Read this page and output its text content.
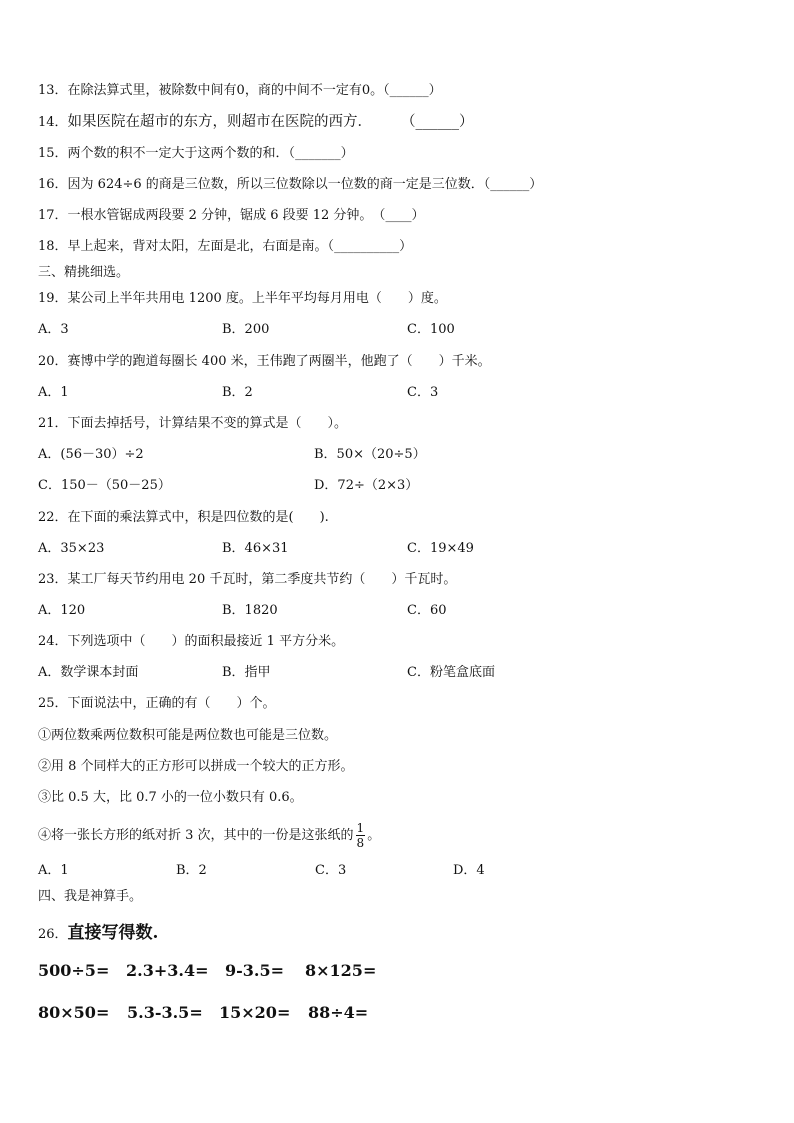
13．在除法算式里，被除数中间有0，商的中间不一定有0。（______）
14．如果医院在超市的东方，则超市在医院的西方．　　　（______）
15．两个数的积不一定大于这两个数的和．（_______）
16．因为 624÷6 的商是三位数，所以三位数除以一位数的商一定是三位数．（______）
17．一根水管锯成两段要 2 分钟，锯成 6 段要 12 分钟。　（____）
18．早上起来，背对太阳，左面是北，右面是南。（__________）
三、精挑细选。
19．某公司上半年共用电 1200 度。上半年平均每月用电（　　）度。
A．3	B．200	C．100
20．赛博中学的跑道每圈长 400 米，王伟跑了两圈半，他跑了（　　）千米。
A．1	B．2	C．3
21．下面去掉括号，计算结果不变的算式是（　　）。
A．(56－30）÷2	B．50×（20÷5）
C．150－（50－25）	D．72÷（2×3）
22．在下面的乘法算式中，积是四位数的是(　　).
A．35×23	B．46×31	C．19×49
23．某工厂每天节约用电 20 千瓦时，第二季度共节约（　　）千瓦时。
A．120	B．1820	C．60
24．下列选项中（　　）的面积最接近 1 平方分米。
A．数学课本封面	B．指甲	C．粉笔盒底面
25．下面说法中，正确的有（　　）个。
①两位数乘两位数积可能是两位数也可能是三位数。
②用 8 个同样大的正方形可以拼成一个较大的正方形。
③比 0.5 大，比 0.7 小的一位小数只有 0.6。
④将一张长方形的纸对折 3 次，其中的一份是这张纸的 $\frac{1}{8}$ 。
A．1	B．2	C．3	D．4
四、我是神算手。
26．直接写得数.
500÷5= 2.3+3.4= 9-3.5= 8×125=
80×50= 5.3-3.5= 15×20= 88÷4=
